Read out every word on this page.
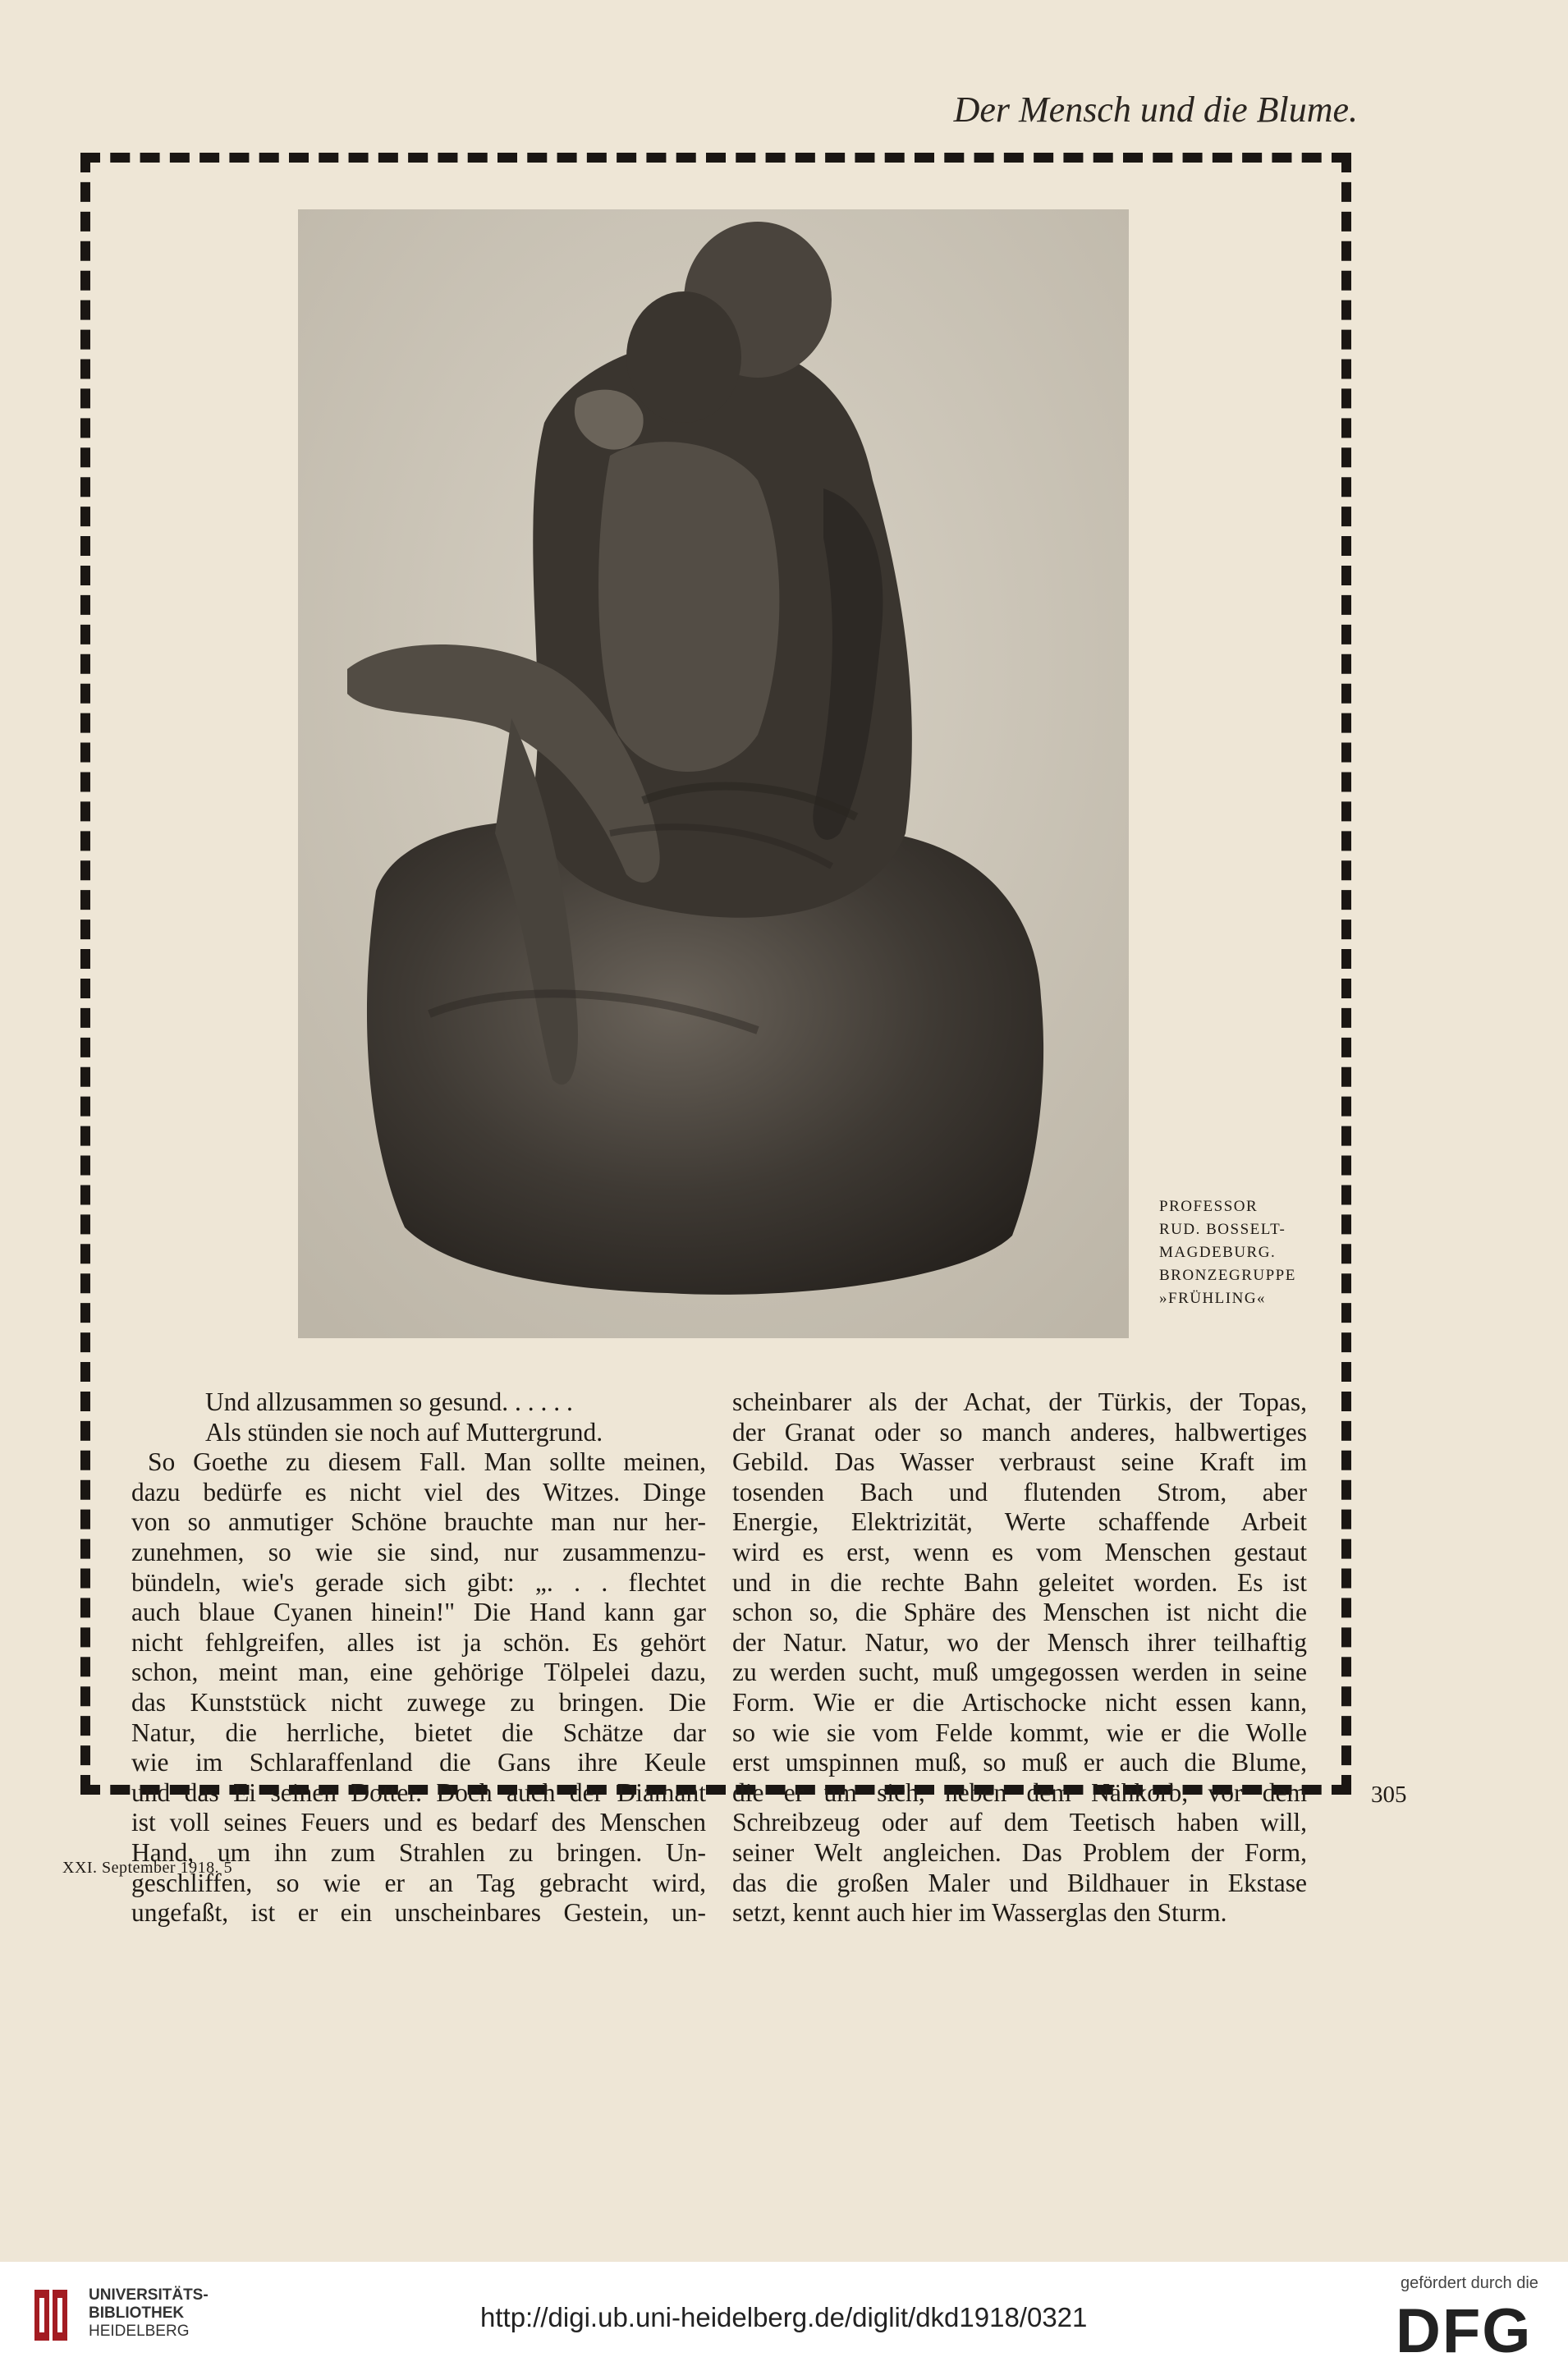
Der Mensch und die Blume.
PROFESSOR
RUD. BOSSELT-
MAGDEBURG.
BRONZEGRUPPE
»FRÜHLING«
Und allzusammen so gesund. . . . . .
Als stünden sie noch auf Muttergrund.
So Goethe zu diesem Fall. Man sollte meinen,
dazu bedürfe es nicht viel des Witzes. Dinge
von so anmutiger Schöne brauchte man nur her-
zunehmen, so wie sie sind, nur zusammenzu-
bündeln, wie's gerade sich gibt: „. . . flechtet
auch blaue Cyanen hinein!" Die Hand kann gar
nicht fehlgreifen, alles ist ja schön. Es gehört
schon, meint man, eine gehörige Tölpelei dazu,
das Kunststück nicht zuwege zu bringen. Die
Natur, die herrliche, bietet die Schätze dar
wie im Schlaraffenland die Gans ihre Keule
und das Ei seinen Dotter. Doch auch der Diamant
ist voll seines Feuers und es bedarf des Menschen
Hand, um ihn zum Strahlen zu bringen. Un-
geschliffen, so wie er an Tag gebracht wird,
ungefaßt, ist er ein unscheinbares Gestein, un-
scheinbarer als der Achat, der Türkis, der Topas,
der Granat oder so manch anderes, halbwertiges
Gebild. Das Wasser verbraust seine Kraft im
tosenden Bach und flutenden Strom, aber
Energie, Elektrizität, Werte schaffende Arbeit
wird es erst, wenn es vom Menschen gestaut
und in die rechte Bahn geleitet worden. Es ist
schon so, die Sphäre des Menschen ist nicht die
der Natur. Natur, wo der Mensch ihrer teilhaftig
zu werden sucht, muß umgegossen werden in seine
Form. Wie er die Artischocke nicht essen kann,
so wie sie vom Felde kommt, wie er die Wolle
erst umspinnen muß, so muß er auch die Blume,
die er um sich, neben dem Nähkorb, vor dem
Schreibzeug oder auf dem Teetisch haben will,
seiner Welt angleichen. Das Problem der Form,
das die großen Maler und Bildhauer in Ekstase
setzt, kennt auch hier im Wasserglas den Sturm.
305
XXI. September 1918. 5
UNIVERSITÄTS-
BIBLIOTHEK
HEIDELBERG	http://digi.ub.uni-heidelberg.de/diglit/dkd1918/0321
gefördert durch die
DFG
